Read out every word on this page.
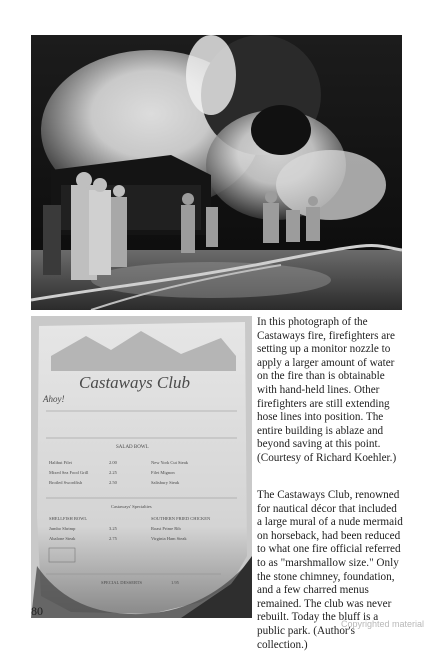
Castaways Club
Ahoy!
SALAD BOWL
Halibut Filet	2.00	New York Cut Steak
Mixed Sea Food Grill	2.25	Filet Mignon
Broiled Swordfish	2.50	Salisbury Steak
Castaways' Specialties
SHELLFISH BOWL	SOUTHERN FRIED CHICKEN
Jumbo Shrimp	3.25	Roast Prime Rib
Abalone Steak	2.75	Virginia Ham Steak
SPECIAL DESSERTS	1.95

In this photograph of the Castaways fire, firefighters are setting up a monitor nozzle to apply a larger amount of water on the fire than is obtainable with hand-held lines. Other firefighters are still extending hose lines into position. The entire building is ablaze and beyond saving at this point. (Courtesy of Richard Koehler.)

The Castaways Club, renowned for nautical décor that included a large mural of a nude mermaid on horseback, had been reduced to what one fire official referred to as "marshmallow size." Only the stone chimney, foundation, and a few charred menus remained. The club was never rebuilt. Today the bluff is a public park. (Author's collection.)

80
Copyrighted material
